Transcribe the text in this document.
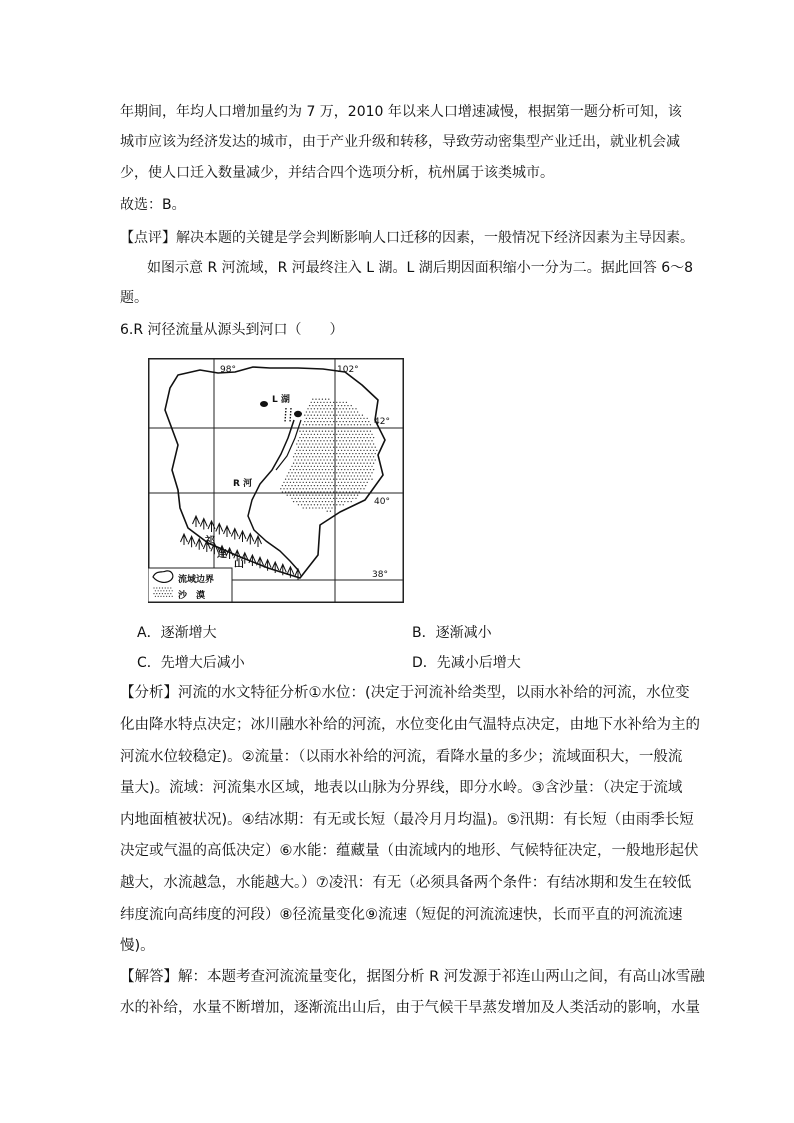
年期间，年均人口增加量约为 7 万，2010 年以来人口增速减慢，根据第一题分析可知，该
城市应该为经济发达的城市，由于产业升级和转移，导致劳动密集型产业迁出，就业机会减
少，使人口迁入数量减少，并结合四个选项分析，杭州属于该类城市。
故选：B。
【点评】解决本题的关键是学会判断影响人口迁移的因素，一般情况下经济因素为主导因素。
如图示意 R 河流域，R 河最终注入 L 湖。L 湖后期因面积缩小一分为二。据此回答 6～8
题。
6.R 河径流量从源头到河口（　　）
98°	102°
L 湖
42°
R 河
40°
38°
祁
连
山
流域边界
沙　漠
A．逐渐增大	B．逐渐减小
C．先增大后减小	D．先减小后增大
【分析】河流的水文特征分析①水位：(决定于河流补给类型，以雨水补给的河流，水位变
化由降水特点决定；冰川融水补给的河流，水位变化由气温特点决定，由地下水补给为主的
河流水位较稳定)。②流量：（以雨水补给的河流，看降水量的多少；流域面积大，一般流
量大)。流域：河流集水区域，地表以山脉为分界线，即分水岭。③含沙量：（决定于流域
内地面植被状况)。④结冰期：有无或长短（最冷月月均温)。⑤汛期：有长短（由雨季长短
决定或气温的高低决定）⑥水能：蕴藏量（由流域内的地形、气候特征决定，一般地形起伏
越大，水流越急，水能越大。）⑦凌汛：有无（必须具备两个条件：有结冰期和发生在较低
纬度流向高纬度的河段）⑧径流量变化⑨流速（短促的河流流速快，长而平直的河流流速
慢)。
【解答】解：本题考查河流流量变化，据图分析 R 河发源于祁连山两山之间，有高山冰雪融
水的补给，水量不断增加，逐渐流出山后，由于气候干旱蒸发增加及人类活动的影响，水量
